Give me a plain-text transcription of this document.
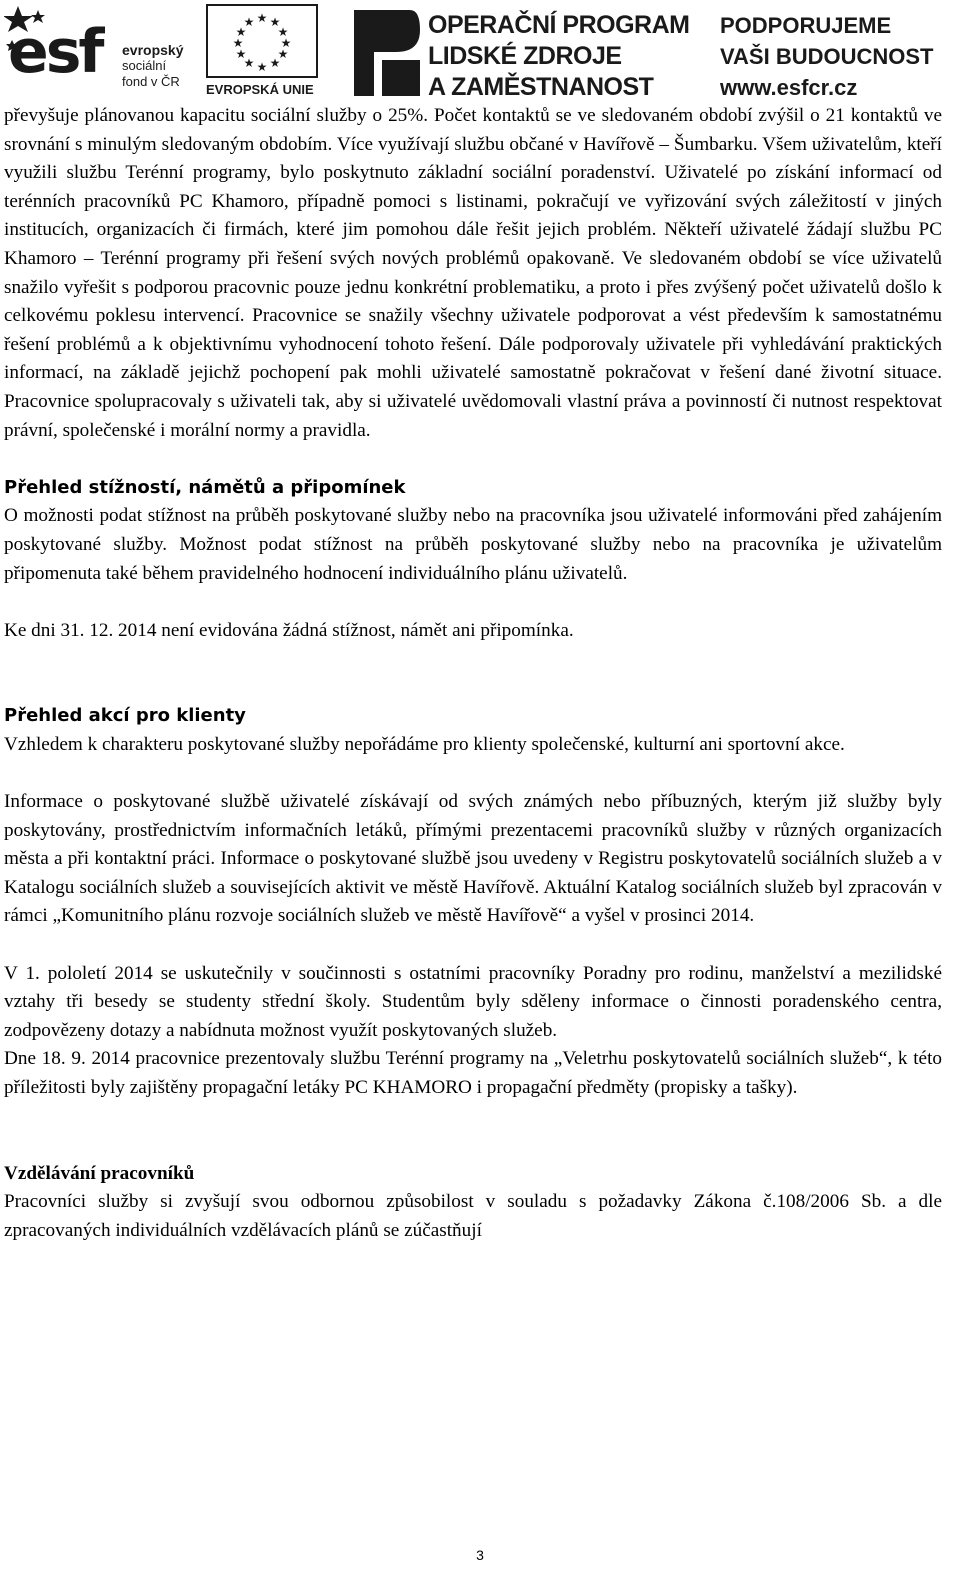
esf evropský
sociální
fond v ČR
★ ★
★
★
★
★
★
★
★
★
★
★
EVROPSKÁ UNIE
OPERAČNÍ PROGRAM
LIDSKÉ ZDROJE
A ZAMĚSTNANOST
PODPORUJEME
VAŠI BUDOUCNOST
www.esfcr.cz

převyšuje plánovanou kapacitu sociální služby o 25%. Počet kontaktů se ve sledovaném období zvýšil o 21 kontaktů ve srovnání s minulým sledovaným obdobím. Více využívají službu občané v Havířově – Šumbarku. Všem uživatelům, kteří využili službu Terénní programy, bylo poskytnuto základní sociální poradenství. Uživatelé po získání informací od terénních pracovníků PC Khamoro, případně pomoci s listinami, pokračují ve vyřizování svých záležitostí v jiných institucích, organizacích či firmách, které jim pomohou dále řešit jejich problém. Někteří uživatelé žádají službu PC Khamoro – Terénní programy při řešení svých nových problémů opakovaně. Ve sledovaném období se více uživatelů snažilo vyřešit s podporou pracovnic pouze jednu konkrétní problematiku, a proto i přes zvýšený počet uživatelů došlo k celkovému poklesu intervencí. Pracovnice se snažily všechny uživatele podporovat a vést především k samostatnému řešení problémů a k objektivnímu vyhodnocení tohoto řešení. Dále podporovaly uživatele při vyhledávání praktických informací, na základě jejichž pochopení pak mohli uživatelé samostatně pokračovat v řešení dané životní situace. Pracovnice spolupracovaly s uživateli tak, aby si uživatelé uvědomovali vlastní práva a povinností či nutnost respektovat právní, společenské i morální normy a pravidla.

Přehled stížností, námětů a připomínek

O možnosti podat stížnost na průběh poskytované služby nebo na pracovníka jsou uživatelé informováni před zahájením poskytované služby. Možnost podat stížnost na průběh poskytované služby nebo na pracovníka je uživatelům připomenuta také během pravidelného hodnocení individuálního plánu uživatelů.

Ke dni 31. 12. 2014 není evidována žádná stížnost, námět ani připomínka.

Přehled akcí pro klienty

Vzhledem k charakteru poskytované služby nepořádáme pro klienty společenské, kulturní ani sportovní akce.

Informace o poskytované službě uživatelé získávají od svých známých nebo příbuzných, kterým již služby byly poskytovány, prostřednictvím informačních letáků, přímými prezentacemi pracovníků služby v různých organizacích města a při kontaktní práci. Informace o poskytované službě jsou uvedeny v Registru poskytovatelů sociálních služeb a v Katalogu sociálních služeb a souvisejících aktivit ve městě Havířově. Aktuální Katalog sociálních služeb byl zpracován v rámci „Komunitního plánu rozvoje sociálních služeb ve městě Havířově“ a vyšel v prosinci 2014.

V 1. pololetí 2014 se uskutečnily v součinnosti s ostatními pracovníky Poradny pro rodinu, manželství a mezilidské vztahy tři besedy se studenty střední školy. Studentům byly sděleny informace o činnosti poradenského centra, zodpovězeny dotazy a nabídnuta možnost využít poskytovaných služeb.

Dne 18. 9. 2014 pracovnice prezentovaly službu Terénní programy na „Veletrhu poskytovatelů sociálních služeb“, k této příležitosti byly zajištěny propagační letáky PC KHAMORO i propagační předměty (propisky a tašky).

Vzdělávání pracovníků

Pracovníci služby si zvyšují svou odbornou způsobilost v souladu s požadavky Zákona č.108/2006 Sb. a dle zpracovaných individuálních vzdělávacích plánů se zúčastňují

3
